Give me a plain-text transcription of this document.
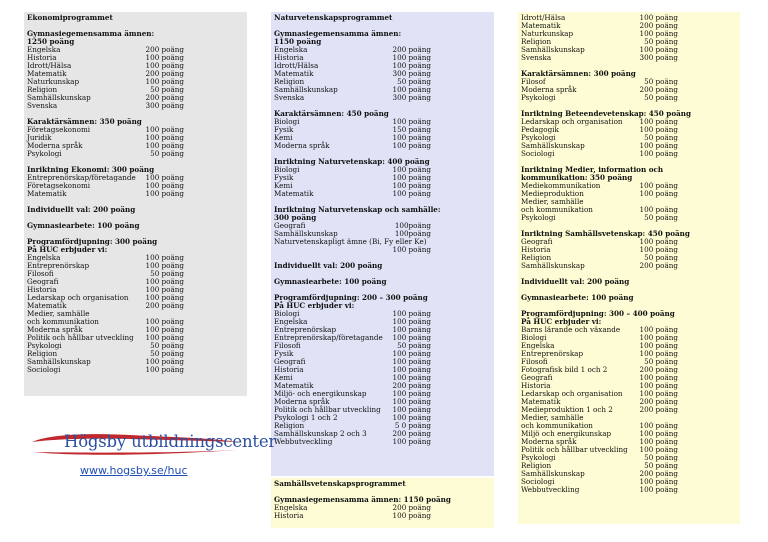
Ekonomiprogrammet
Gymnasiegemensamma ämnen:
1250 poäng
Engelska	200 poäng
Historia	100 poäng
Idrott/Hälsa	100 poäng
Matematik	200 poäng
Naturkunskap	100 poäng
Religion	50 poäng
Samhällskunskap	200 poäng
Svenska	300 poäng
Karaktärsämnen: 350 poäng
Företagsekonomi	100 poäng
Juridik	100 poäng
Moderna språk	100 poäng
Psykologi	50 poäng
Inriktning Ekonomi: 300 poäng
Entreprenörskap/företagande	100 poäng
Företagsekonomi	100 poäng
Matematik	100 poäng
Individuellt val: 200 poäng
Gymnasiearbete: 100 poäng
Programfördjupning: 300 poäng
På HUC erbjuder vi:
Engelska	100 poäng
Entreprenörskap	100 poäng
Filosofi	50 poäng
Geografi	100 poäng
Historia	100 poäng
Ledarskap och organisation	100 poäng
Matematik	200 poäng
Medier, samhälle
och kommunikation	100 poäng
Moderna språk	100 poäng
Politik och hållbar utveckling	100 poäng
Psykologi	50 poäng
Religion	50 poäng
Samhällskunskap	100 poäng
Sociologi	100 poäng
Naturvetenskapsprogrammet
Gymnasiegemensamma ämnen:
1150 poäng
Engelska	200 poäng
Historia	100 poäng
Idrott/Hälsa	100 poäng
Matematik	300 poäng
Religion	50 poäng
Samhällskunskap	100 poäng
Svenska	300 poäng
Karaktärsämnen: 450 poäng
Biologi	100 poäng
Fysik	150 poäng
Kemi	100 poäng
Moderna språk	100 poäng
Inriktning Naturvetenskap: 400 poäng
Biologi	100 poäng
Fysik	100 poäng
Kemi	100 poäng
Matematik	100 poäng
Inriktning Naturvetenskap och samhälle:
300 poäng
Geografi	100poäng
Samhällskunskap	100poäng
Naturvetenskapligt ämne (Bi, Fy eller Ke)
100 poäng
Individuellt val: 200 poäng
Gymnasiearbete: 100 poäng
Programfördjupning: 200 – 300 poäng
På HUC erbjuder vi:
Biologi	100 poäng
Engelska	100 poäng
Entreprenörskap	100 poäng
Entreprenörskap/företagande	100 poäng
Filosofi	50 poäng
Fysik	100 poäng
Geografi	100 poäng
Historia	100 poäng
Kemi	100 poäng
Matematik	200 poäng
Miljö- och energikunskap	100 poäng
Moderna språk	100 poäng
Politik och hållbar utveckling	100 poäng
Psykologi 1 och 2	100 poäng
Religion	5 0 poäng
Samhällskunskap 2 och 3	200 poäng
Webbutveckling	100 poäng
Samhällsvetenskapsprogrammet
Gymnasiegemensamma ämnen: 1150 poäng
Engelska	200 poäng
Historia	100 poäng
Idrott/Hälsa	100 poäng
Matematik	200 poäng
Naturkunskap	100 poäng
Religion	50 poäng
Samhällskunskap	100 poäng
Svenska	300 poäng
Karaktärsämnen: 300 poäng
Filosof	50 poäng
Moderna språk	200 poäng
Psykologi	50 poäng
Inriktning Beteendevetenskap: 450 poäng
Ledarskap och organisation	100 poäng
Pedagogik	100 poäng
Psykologi	50 poäng
Samhällskunskap	100 poäng
Sociologi	100 poäng
Inriktning Medier, information och
kommunikation: 350 poäng
Mediekommunikation	100 poäng
Medieproduktion	100 poäng
Medier, samhälle
och kommunikation	100 poäng
Psykologi	50 poäng
Inriktning Samhällsvetenskap: 450 poäng
Geografi	100 poäng
Historia	100 poäng
Religion	50 poäng
Samhällskunskap	200 poäng
Individuellt val: 200 poäng
Gymnasiearbete: 100 poäng
Programfördjupning: 300 – 400 poäng
På HUC erbjuder vi:
Barns lärande och växande	100 poäng
Biologi	100 poäng
Engelska	100 poäng
Entreprenörskap	100 poäng
Filosofi	50 poäng
Fotografisk bild 1 och 2	200 poäng
Geografi	100 poäng
Historia	100 poäng
Ledarskap och organisation	100 poäng
Matematik	200 poäng
Medieproduktion 1 och 2	200 poäng
Medier, samhälle
och kommunikation	100 poäng
Miljö och energikunskap	100 poäng
Moderna språk	100 poäng
Politik och hållbar utveckling	100 poäng
Psykologi	50 poäng
Religion	50 poäng
Samhällskunskap	200 poäng
Sociologi	100 poäng
Webbutveckling	100 poäng
Högsby utbildningscenter
www.hogsby.se/huc
